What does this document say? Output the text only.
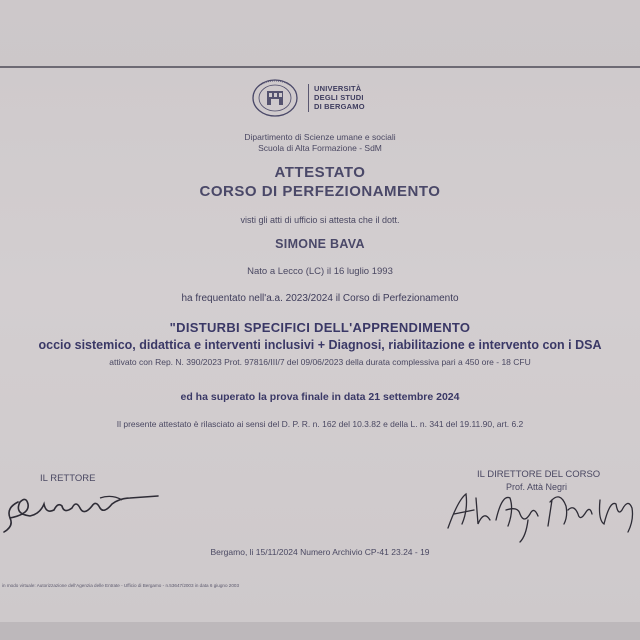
UNIVERSITÀ
DEGLI STUDI
DI BERGAMO
Dipartimento di Scienze umane e sociali
Scuola di Alta Formazione - SdM
ATTESTATO
CORSO DI PERFEZIONAMENTO
visti gli atti di ufficio si attesta che il dott.
SIMONE BAVA
Nato a Lecco (LC) il 16 luglio 1993
ha frequentato nell'a.a. 2023/2024 il Corso di Perfezionamento
"DISTURBI SPECIFICI DELL'APPRENDIMENTO
occio sistemico, didattica e interventi inclusivi + Diagnosi, riabilitazione e intervento con i DSA
attivato con Rep. N. 390/2023 Prot. 97816/III/7 del 09/06/2023 della durata complessiva pari a 450 ore - 18 CFU
ed ha superato la prova finale in data 21 settembre 2024
Il presente attestato è rilasciato ai sensi del D. P. R. n. 162 del 10.3.82 e della L. n. 341 del 19.11.90, art. 6.2
IL RETTORE	IL DIRETTORE DEL CORSO
Prof. Attà Negri
Bergamo, li 15/11/2024 Numero Archivio CP-41 23.24 - 19
in modo virtuale: Autorizzazione dell'Agenzia delle Entrate - Ufficio di Bergamo - n.53647/2003 in data 6 giugno 2003
